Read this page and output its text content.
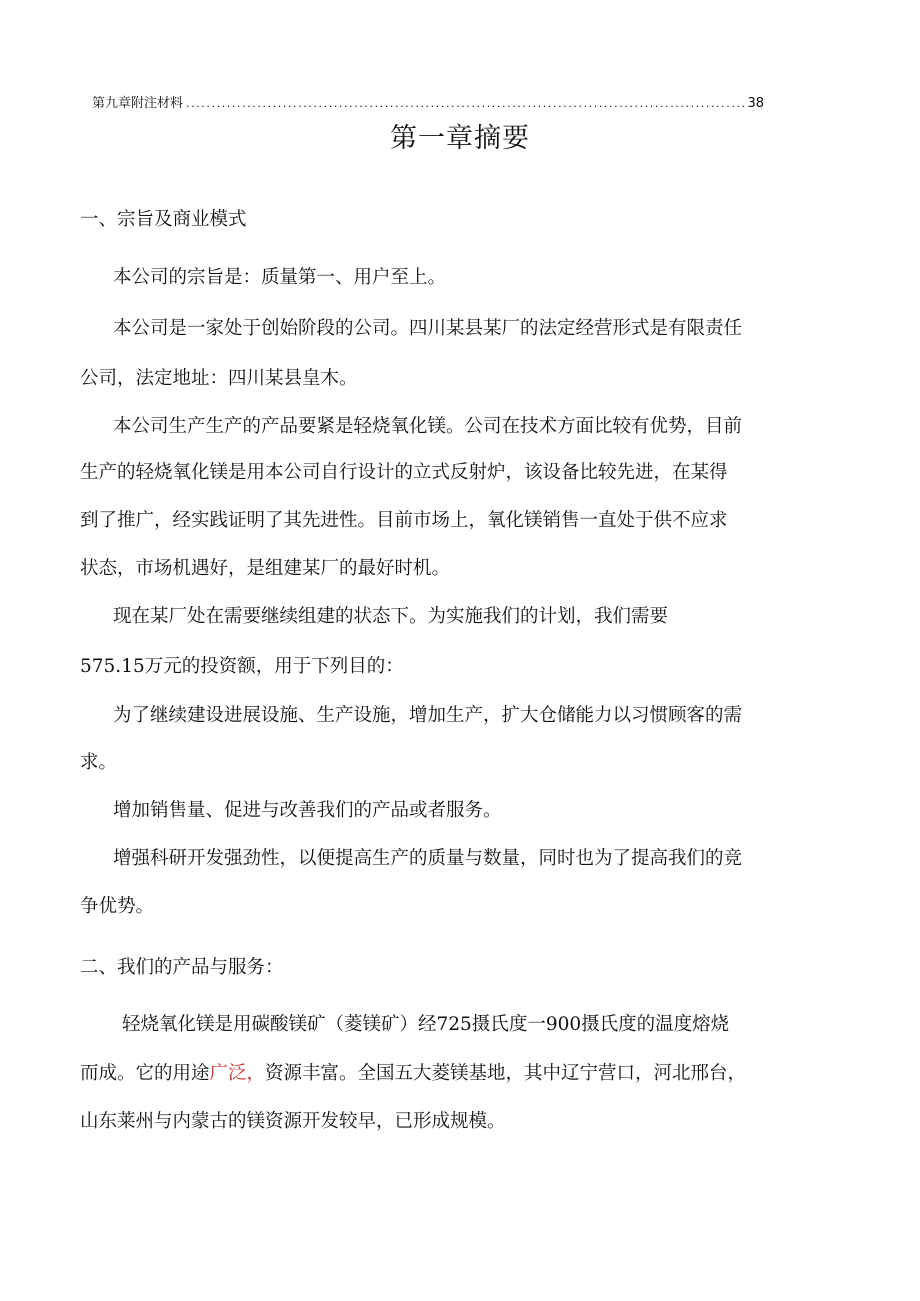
第九章附注材料
.....	38
第一章摘要
一、宗旨及商业模式
本公司的宗旨是：质量第一、用户至上。
本公司是一家处于创始阶段的公司。四川某县某厂的法定经营形式是有限责任
公司，法定地址：四川某县皇木。
本公司生产生产的产品要紧是轻烧氧化镁。公司在技术方面比较有优势，目前
生产的轻烧氧化镁是用本公司自行设计的立式反射炉，该设备比较先进，在某得
到了推广，经实践证明了其先进性。目前市场上，氧化镁销售一直处于供不应求
状态，市场机遇好，是组建某厂的最好时机。
现在某厂处在需要继续组建的状态下。为实施我们的计划，我们需要
575.15万元的投资额，用于下列目的：
为了继续建设进展设施、生产设施，增加生产，扩大仓储能力以习惯顾客的需
求。
增加销售量、促进与改善我们的产品或者服务。
增强科研开发强劲性，以便提高生产的质量与数量，同时也为了提高我们的竞
争优势。
二、我们的产品与服务：
轻烧氧化镁是用碳酸镁矿（菱镁矿）经725摄氏度一900摄氏度的温度熔烧
而成。它的用途广泛，资源丰富。全国五大菱镁基地，其中辽宁营口，河北邢台，
山东莱州与内蒙古的镁资源开发较早，已形成规模。
